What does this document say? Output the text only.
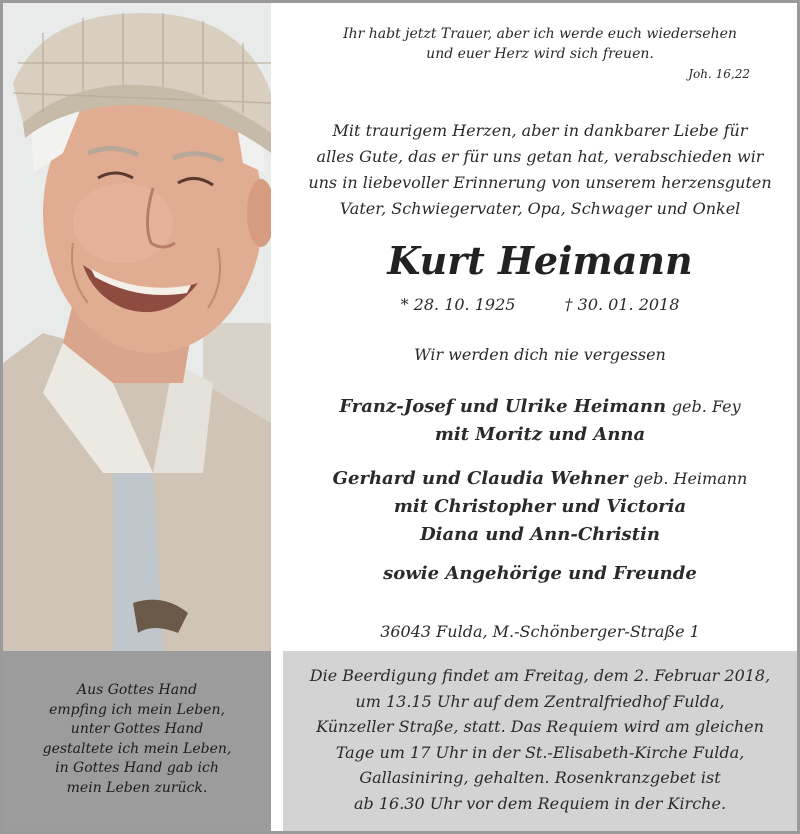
Ihr habt jetzt Trauer, aber ich werde euch wiedersehen
und euer Herz wird sich freuen.
Joh. 16,22
Mit traurigem Herzen, aber in dankbarer Liebe für
alles Gute, das er für uns getan hat, verabschieden wir
uns in liebevoller Erinnerung von unserem herzensguten
Vater, Schwiegervater, Opa, Schwager und Onkel
Kurt Heimann
* 28. 10. 1925	† 30. 01. 2018
Wir werden dich nie vergessen
Franz-Josef und Ulrike Heimann geb. Fey
mit Moritz und Anna
Gerhard und Claudia Wehner geb. Heimann
mit Christopher und Victoria
Diana und Ann-Christin
sowie Angehörige und Freunde
36043 Fulda, M.-Schönberger-Straße 1
Aus Gottes Hand
empfing ich mein Leben,
unter Gottes Hand
gestaltete ich mein Leben,
in Gottes Hand gab ich
mein Leben zurück.
Die Beerdigung findet am Freitag, dem 2. Februar 2018,
um 13.15 Uhr auf dem Zentralfriedhof Fulda,
Künzeller Straße, statt. Das Requiem wird am gleichen
Tage um 17 Uhr in der St.-Elisabeth-Kirche Fulda,
Gallasiniring, gehalten. Rosenkranzgebet ist
ab 16.30 Uhr vor dem Requiem in der Kirche.
